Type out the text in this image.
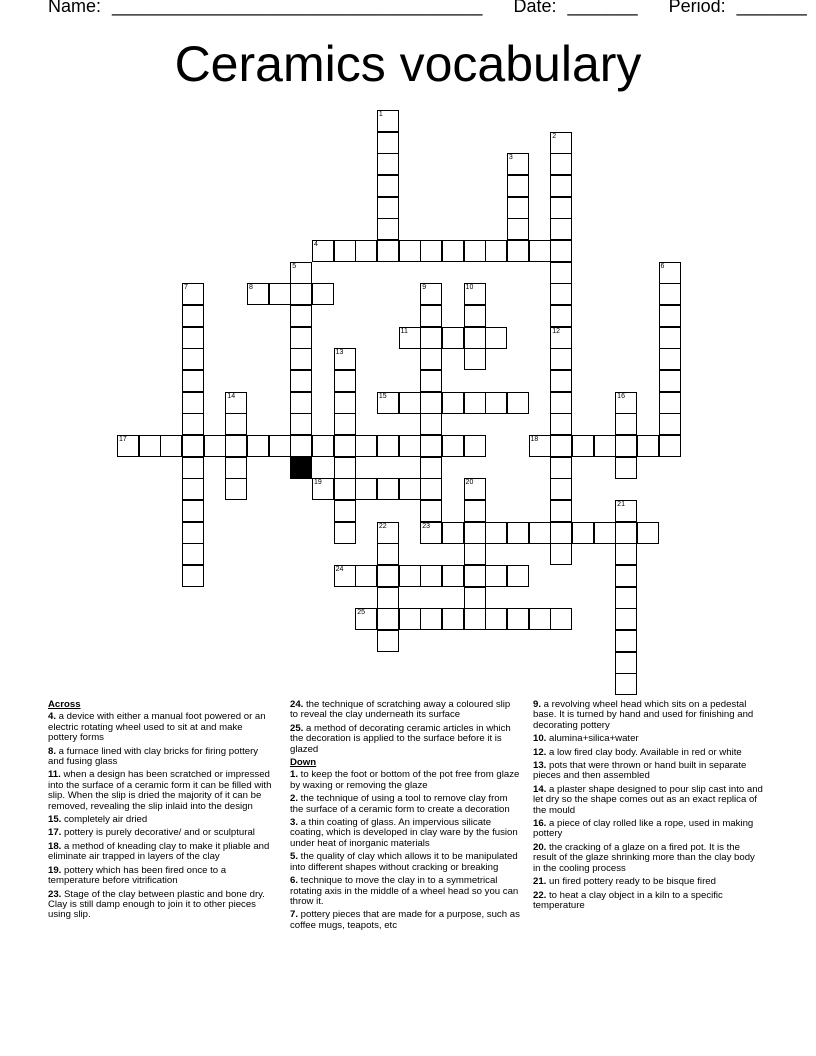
Name: _____________________________________ Date: _______ Period: _______
Ceramics vocabulary
1
2
3
4
5	6
7	8	9
23
10
11	12
13
14	15	16
17	18
19	20
21
22
24
25
Across
4. a device with either a manual foot powered or an electric rotating wheel used to sit at and make pottery forms
8. a furnace lined with clay bricks for firing pottery and fusing glass
11. when a design has been scratched or impressed into the surface of a ceramic form it can be filled with slip. When the slip is dried the majority of it can be removed, revealing the slip inlaid into the design
15. completely air dried
17. pottery is purely decorative/ and or sculptural
18. a method of kneading clay to make it pliable and eliminate air trapped in layers of the clay
19. pottery which has been fired once to a temperature before vitrification
23. Stage of the clay between plastic and bone dry. Clay is still damp enough to join it to other pieces using slip.
24. the technique of scratching away a coloured slip to reveal the clay underneath its surface
25. a method of decorating ceramic articles in which the decoration is applied to the surface before it is glazed
Down
1. to keep the foot or bottom of the pot free from glaze by waxing or removing the glaze
2. the technique of using a tool to remove clay from the surface of a ceramic form to create a decoration
3. a thin coating of glass. An impervious silicate coating, which is developed in clay ware by the fusion under heat of inorganic materials
5. the quality of clay which allows it to be manipulated into different shapes without cracking or breaking
6. technique to move the clay in to a symmetrical rotating axis in the middle of a wheel head so you can throw it.
7. pottery pieces that are made for a purpose, such as coffee mugs, teapots, etc
9. a revolving wheel head which sits on a pedestal base. It is turned by hand and used for finishing and decorating pottery
10. alumina+silica+water
12. a low fired clay body. Available in red or white
13. pots that were thrown or hand built in separate pieces and then assembled
14. a plaster shape designed to pour slip cast into and let dry so the shape comes out as an exact replica of the mould
16. a piece of clay rolled like a rope, used in making pottery
20. the cracking of a glaze on a fired pot. It is the result of the glaze shrinking more than the clay body in the cooling process
21. un fired pottery ready to be bisque fired
22. to heat a clay object in a kiln to a specific temperature
